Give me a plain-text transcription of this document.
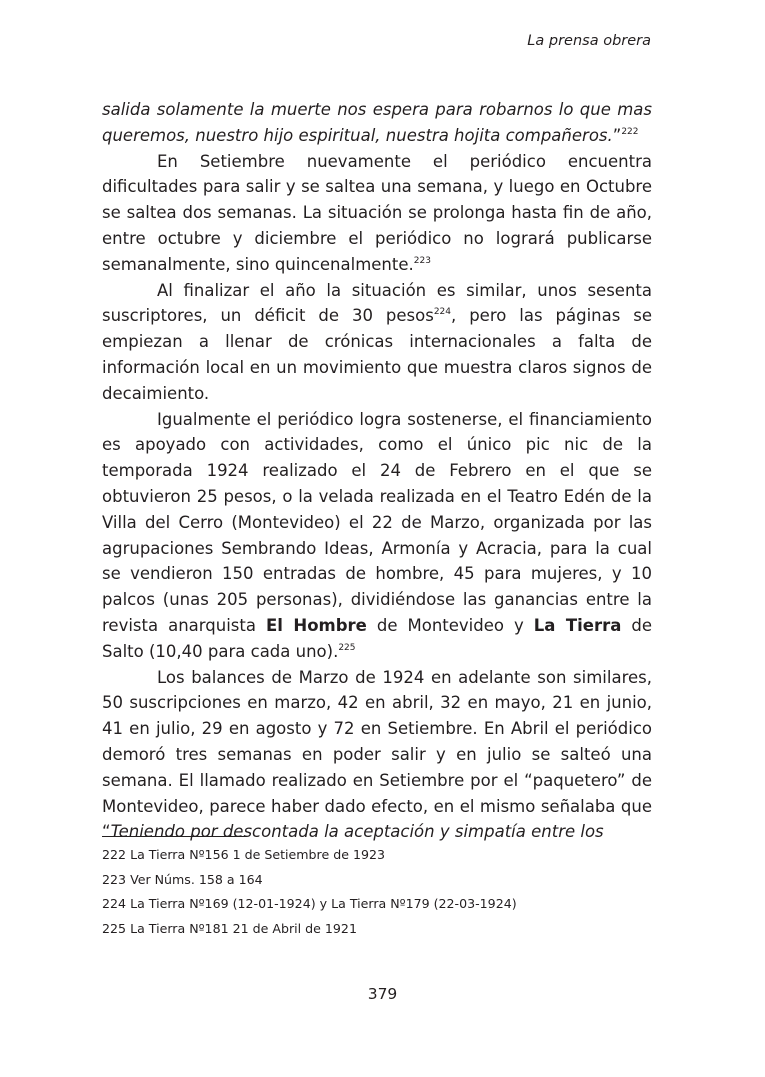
La prensa obrera

salida solamente la muerte nos espera para robarnos lo que mas queremos, nuestro hijo espiritual, nuestra hojita compañeros.”$^{222}$

En Setiembre nuevamente el periódico encuentra dificultades para salir y se saltea una semana, y luego en Octubre se saltea dos semanas. La situación se prolonga hasta fin de año, entre octubre y diciembre el periódico no logrará publicarse semanalmente, sino quincenalmente.$^{223}$

Al finalizar el año la situación es similar, unos sesenta suscriptores, un déficit de 30 pesos$^{224}$, pero las páginas se empiezan a llenar de crónicas internacionales a falta de información local en un movimiento que muestra claros signos de decaimiento.

Igualmente el periódico logra sostenerse, el financiamiento es apoyado con actividades, como el único pic nic de la temporada 1924 realizado el 24 de Febrero en el que se obtuvieron 25 pesos, o la velada realizada en el Teatro Edén de la Villa del Cerro (Montevideo) el 22 de Marzo, organizada por las agrupaciones Sembrando Ideas, Armonía y Acracia, para la cual se vendieron 150 entradas de hombre, 45 para mujeres, y 10 palcos (unas 205 personas), dividiéndose las ganancias entre la revista anarquista El Hombre de Montevideo y La Tierra de Salto (10,40 para cada uno).$^{225}$

Los balances de Marzo de 1924 en adelante son similares, 50 suscripciones en marzo, 42 en abril, 32 en mayo, 21 en junio, 41 en julio, 29 en agosto y 72 en Setiembre. En Abril el periódico demoró tres semanas en poder salir y en julio se salteó una semana. El llamado realizado en Setiembre por el “paquetero” de Montevideo, parece haber dado efecto, en el mismo señalaba que “Teniendo por descontada la aceptación y simpatía entre los

222 La Tierra Nº156 1 de Setiembre de 1923
223 Ver Núms. 158 a 164
224 La Tierra Nº169 (12-01-1924) y La Tierra Nº179 (22-03-1924)
225 La Tierra Nº181 21 de Abril de 1921
379
